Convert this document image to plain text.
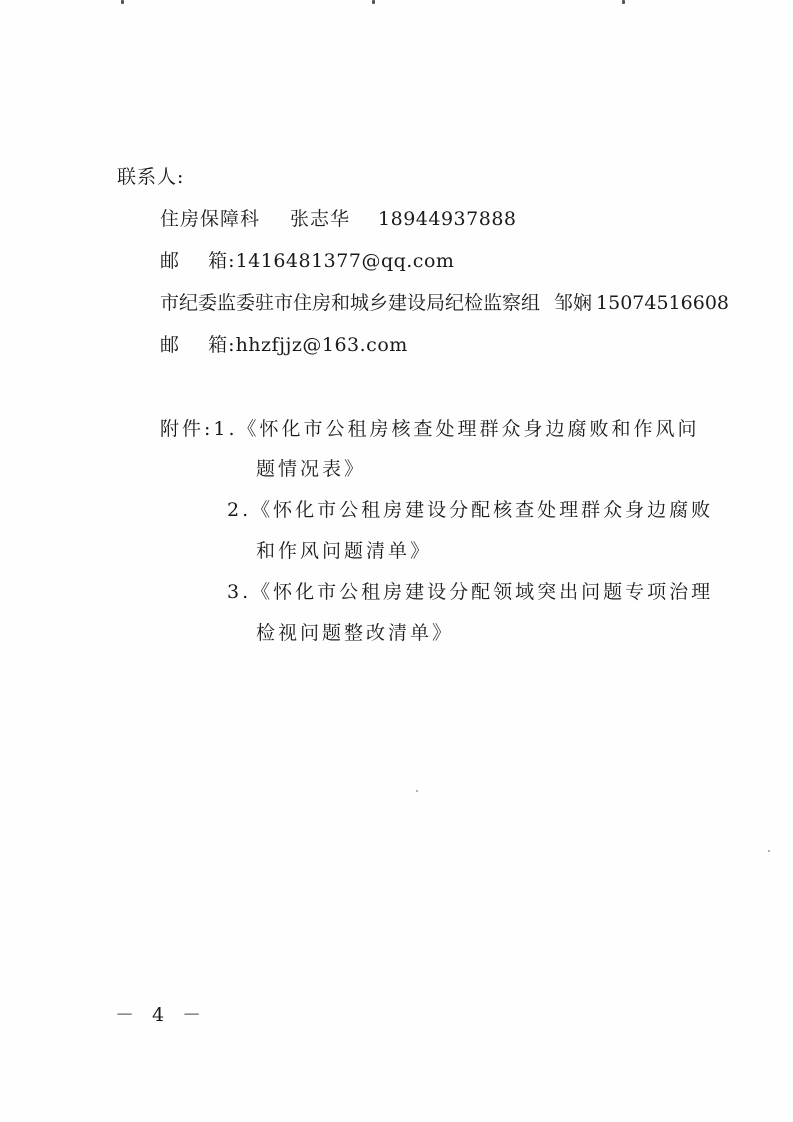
联系人:
住房保障科 张志华 18944937888
邮    箱:1416481377@qq.com
市纪委监委驻市住房和城乡建设局纪检监察组 邹娴 15074516608
邮    箱:hhzfjjz@163.com
附件:1.《怀化市公租房核查处理群众身边腐败和作风问
题情况表》
2.《怀化市公租房建设分配核查处理群众身边腐败
和作风问题清单》
3.《怀化市公租房建设分配领域突出问题专项治理
检视问题整改清单》
－ 4 －
